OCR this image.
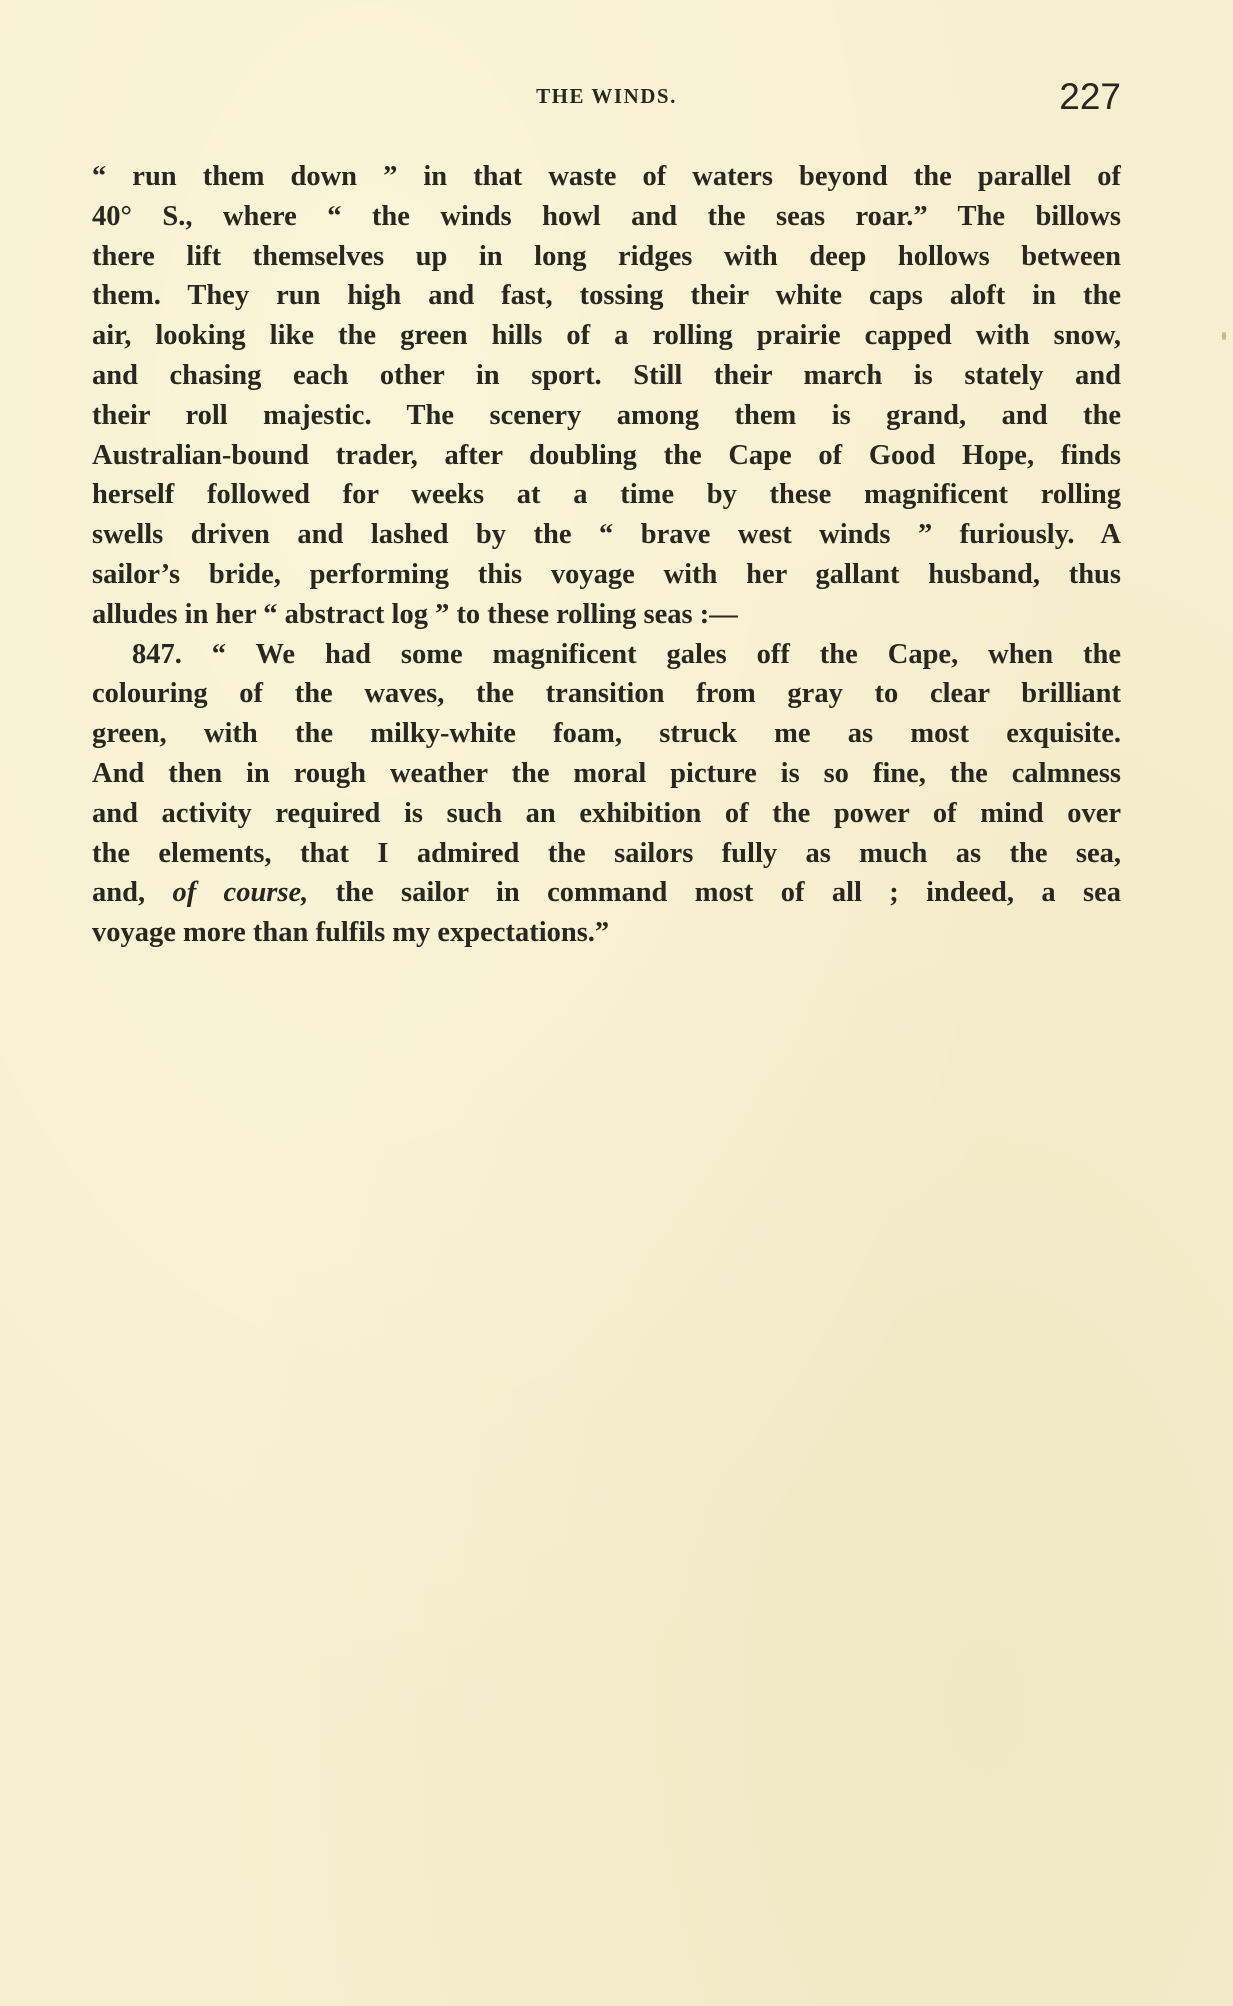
THE WINDS.	227
“ run them down ” in that waste of waters beyond the parallel of
40° S., where “ the winds howl and the seas roar.” The billows
there lift themselves up in long ridges with deep hollows between
them. They run high and fast, tossing their white caps aloft in the
air, looking like the green hills of a rolling prairie capped with snow,
and chasing each other in sport. Still their march is stately and
their roll majestic. The scenery among them is grand, and the
Australian-bound trader, after doubling the Cape of Good Hope, finds
herself followed for weeks at a time by these magnificent rolling
swells driven and lashed by the “ brave west winds ” furiously. A
sailor’s bride, performing this voyage with her gallant husband, thus
alludes in her “ abstract log ” to these rolling seas :—
847. “ We had some magnificent gales off the Cape, when the
colouring of the waves, the transition from gray to clear brilliant
green, with the milky-white foam, struck me as most exquisite.
And then in rough weather the moral picture is so fine, the calmness
and activity required is such an exhibition of the power of mind over
the elements, that I admired the sailors fully as much as the sea,
and, of course, the sailor in command most of all ; indeed, a sea
voyage more than fulfils my expectations.”
